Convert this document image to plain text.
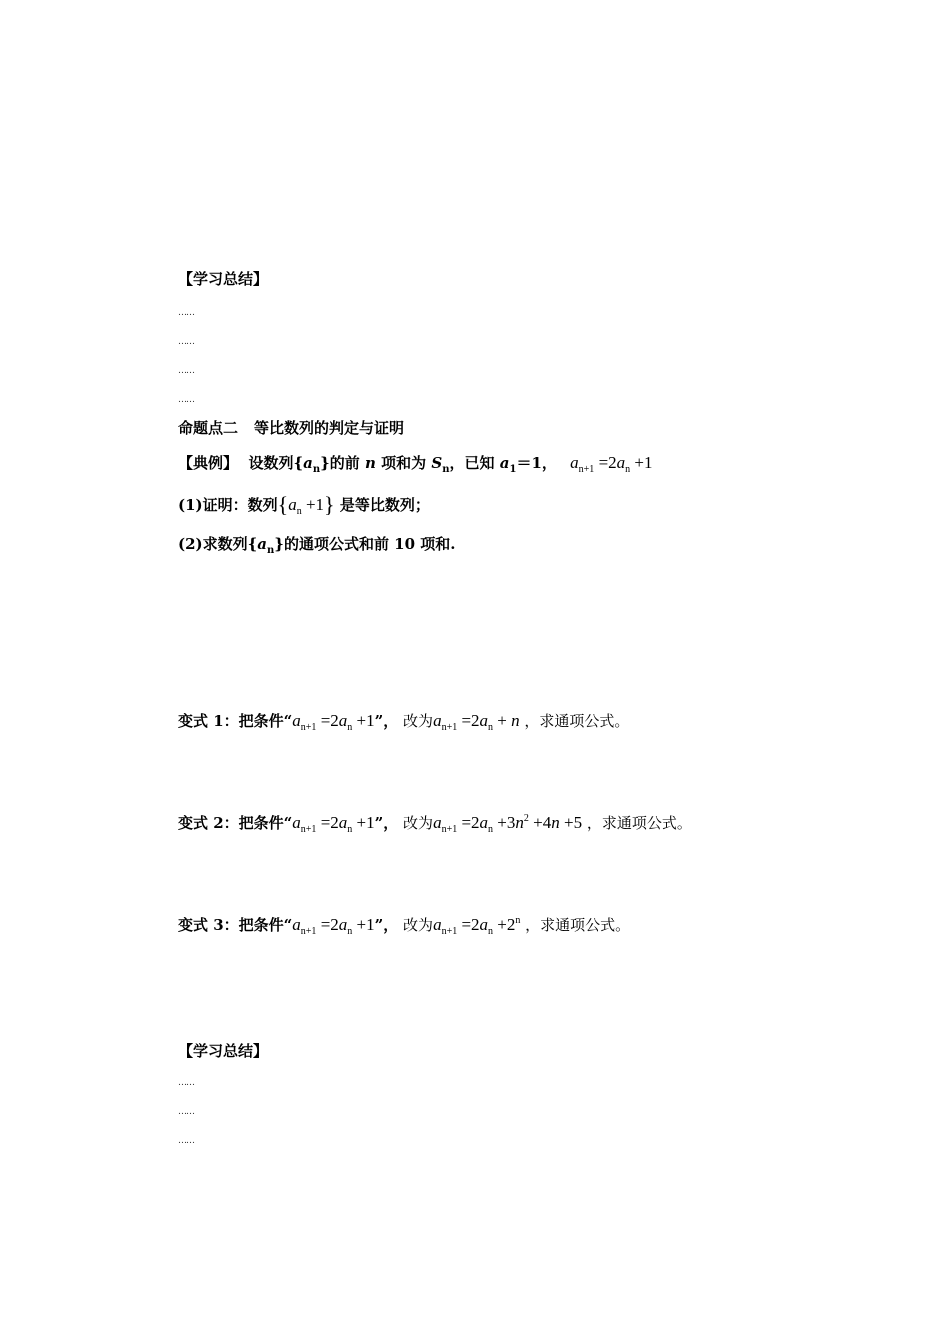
【学习总结】
……
……
……
……
命题点二 等比数列的判定与证明
【典例】 设数列$\{a_n\}$的前 n 项和为 $S_n$，已知 $a_1=1$， $a_{n+1} =2a_n +1$
(1)证明：数列$\{a_n +1\}$ 是等比数列；
(2)求数列$\{a_n\}$的通项公式和前 10 项和.
变式 1：把条件“$a_{n+1} =2a_n +1$”， 改为$a_{n+1} =2a_n + n$ ，求通项公式。
变式 2：把条件“$a_{n+1} =2a_n +1$”， 改为$a_{n+1} =2a_n +3n^2 +4n +5$ ，求通项公式。
变式 3：把条件“$a_{n+1} =2a_n +1$”， 改为$a_{n+1} =2a_n +2^n$ ，求通项公式。
【学习总结】
……
……
……
